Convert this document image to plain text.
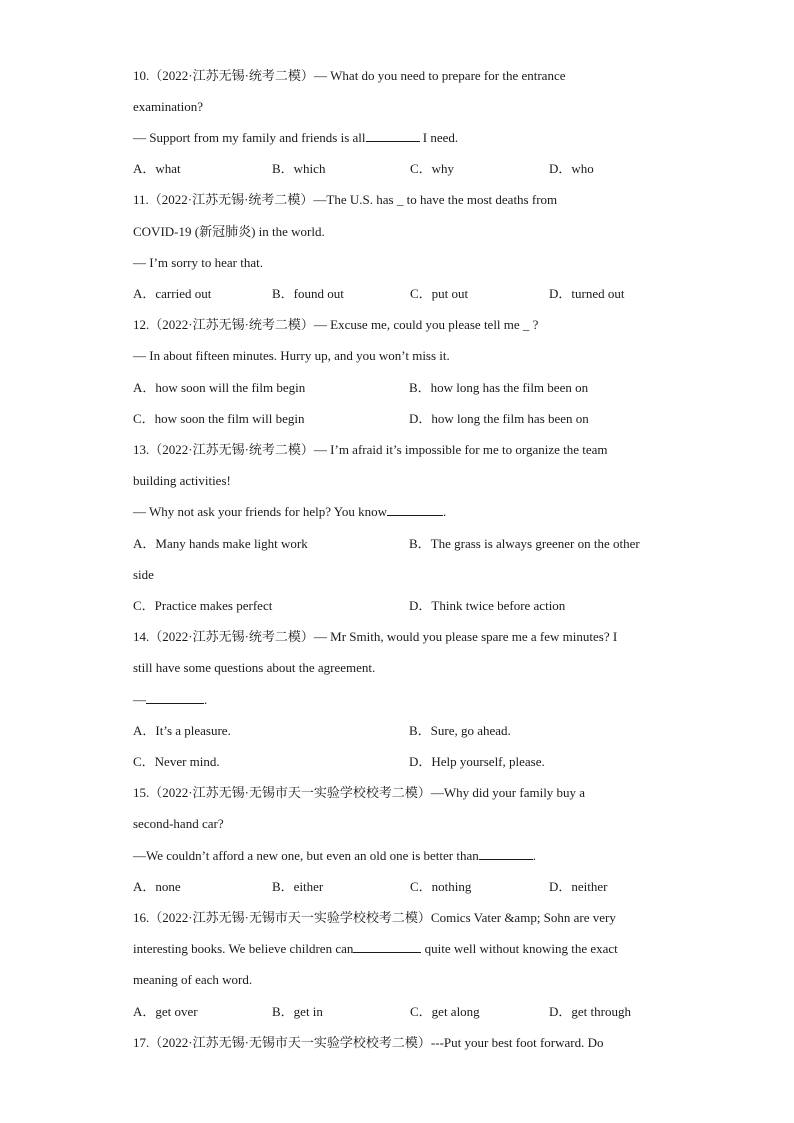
10.（2022·江苏无锡·统考二模）— What do you need to prepare for the entrance
examination?
— Support from my family and friends is all	I need.
A．what	B．which	C．why	D．who
11.（2022·江苏无锡·统考二模）—The U.S. has _ to have the most deaths from
COVID-19 (新冠肺炎) in the world.
— I’m sorry to hear that.
A．carried out	B．found out	C．put out	D．turned out
12.（2022·江苏无锡·统考二模）— Excuse me, could you please tell me _ ?
— In about fifteen minutes. Hurry up, and you won’t miss it.
A．how soon will the film begin	B．how long has the film been on
C．how soon the film will begin	D．how long the film has been on
13.（2022·江苏无锡·统考二模）— I’m afraid it’s impossible for me to organize the team
building activities!
— Why not ask your friends for help? You know	.
A．Many hands make light work	B．The grass is always greener on the other
side
C．Practice makes perfect	D．Think twice before action
14.（2022·江苏无锡·统考二模）— Mr Smith, would you please spare me a few minutes? I
still have some questions about the agreement.
—	.
A．It’s a pleasure.	B．Sure, go ahead.
C．Never mind.	D．Help yourself, please.
15.（2022·江苏无锡·无锡市天一实验学校校考二模）—Why did your family buy a
second-hand car?
—We couldn’t afford a new one, but even an old one is better than	.
A．none	B．either	C．nothing	D．neither
16.（2022·江苏无锡·无锡市天一实验学校校考二模）Comics Vater &amp; Sohn are very
interesting books. We believe children can	quite well without knowing the exact
meaning of each word.
A．get over	B．get in	C．get along	D．get through
17.（2022·江苏无锡·无锡市天一实验学校校考二模）---Put your best foot forward. Do
